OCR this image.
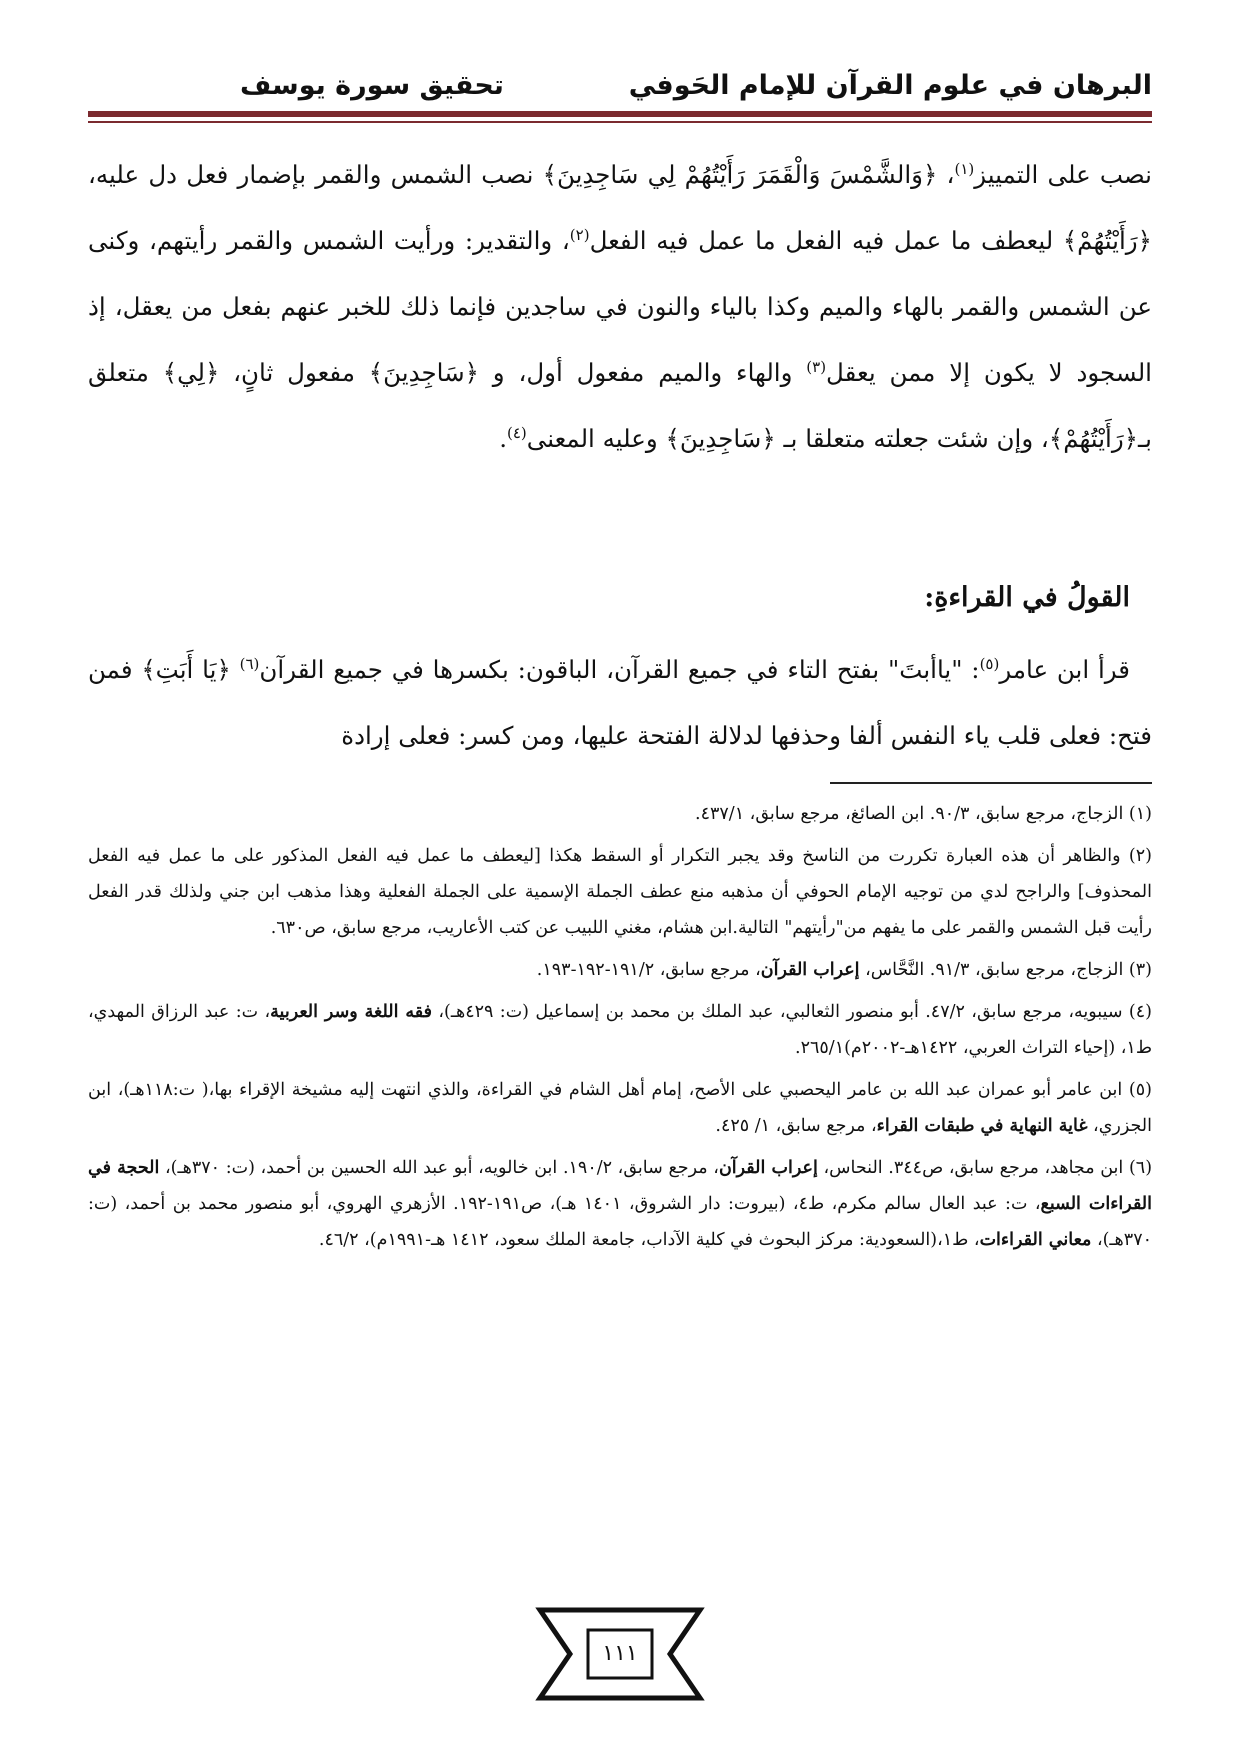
البرهان في علوم القرآن للإمام الحَوفي
تحقيق سورة يوسف

نصب على التمييز$^{(١)}$، ﴿وَالشَّمْسَ وَالْقَمَرَ رَأَيْتُهُمْ لِي سَاجِدِينَ﴾ نصب الشمس والقمر بإضمار فعل دل عليه، ﴿رَأَيْتُهُمْ﴾ ليعطف ما عمل فيه الفعل ما عمل فيه الفعل$^{(٢)}$، والتقدير: ورأيت الشمس والقمر رأيتهم، وكنى عن الشمس والقمر بالهاء والميم وكذا بالياء والنون في ساجدين فإنما ذلك للخبر عنهم بفعل من يعقل، إذ السجود لا يكون إلا ممن يعقل$^{(٣)}$ والهاء والميم مفعول أول، و ﴿سَاجِدِينَ﴾ مفعول ثانٍ، ﴿لِي﴾ متعلق بـ﴿رَأَيْتُهُمْ﴾، وإن شئت جعلته متعلقا بـ ﴿سَاجِدِينَ﴾ وعليه المعنى$^{(٤)}$.

القولُ في القراءةِ:

قرأ ابن عامر$^{(٥)}$: "ياأبتَ" بفتح التاء في جميع القرآن، الباقون: بكسرها في جميع القرآن$^{(٦)}$ ﴿يَا أَبَتِ﴾ فمن فتح: فعلى قلب ياء النفس ألفا وحذفها لدلالة الفتحة عليها، ومن كسر: فعلى إرادة

(١) الزجاج، مرجع سابق، ٩٠/٣. ابن الصائغ، مرجع سابق، ٤٣٧/١.

(٢) والظاهر أن هذه العبارة تكررت من الناسخ وقد يجبر التكرار أو السقط هكذا [ليعطف ما عمل فيه الفعل المذكور على ما عمل فيه الفعل المحذوف] والراجح لدي من توجيه الإمام الحوفي أن مذهبه منع عطف الجملة الإسمية على الجملة الفعلية وهذا مذهب ابن جني ولذلك قدر الفعل رأيت قبل الشمس والقمر على ما يفهم من"رأيتهم" التالية.ابن هشام، مغني اللبيب عن كتب الأعاريب، مرجع سابق، ص٦٣٠.

(٣) الزجاج، مرجع سابق، ٩١/٣. النَّحَّاس، إعراب القرآن، مرجع سابق، ١٩١/٢-١٩٢-١٩٣.

(٤) سيبويه، مرجع سابق، ٤٧/٢. أبو منصور الثعالبي، عبد الملك بن محمد بن إسماعيل (ت: ٤٢٩هـ)، فقه اللغة وسر العربية، ت: عبد الرزاق المهدي، ط١، (إحياء التراث العربي، ١٤٢٢هـ-٢٠٠٢م)٢٦٥/١.

(٥) ابن عامر أبو عمران عبد الله بن عامر اليحصبي على الأصح، إمام أهل الشام في القراءة، والذي انتهت إليه مشيخة الإقراء بها،( ت:١١٨هـ)، ابن الجزري، غاية النهاية في طبقات القراء، مرجع سابق، ١/ ٤٢٥.

(٦) ابن مجاهد، مرجع سابق، ص٣٤٤. النحاس، إعراب القرآن، مرجع سابق، ١٩٠/٢. ابن خالويه، أبو عبد الله الحسين بن أحمد، (ت: ٣٧٠هـ)، الحجة في القراءات السبع، ت: عبد العال سالم مكرم، ط٤، (بيروت: دار الشروق، ١٤٠١ هـ)، ص١٩١-١٩٢. الأزهري الهروي، أبو منصور محمد بن أحمد، (ت: ٣٧٠هـ)، معاني القراءات، ط١،(السعودية: مركز البحوث في كلية الآداب، جامعة الملك سعود، ١٤١٢ هـ-١٩٩١م)، ٤٦/٢.

١١١
